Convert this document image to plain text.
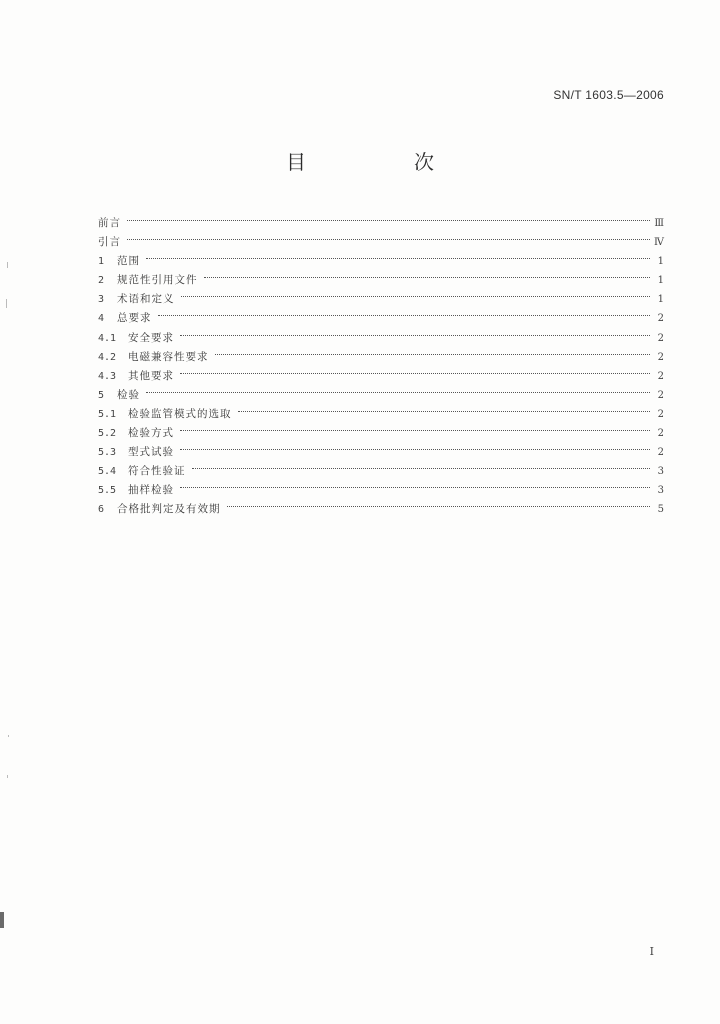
SN/T 1603.5—2006
目　次
前言	Ⅲ
引言	Ⅳ
1	范围	1
2	规范性引用文件	1
3	术语和定义	1
4	总要求	2
4.1	安全要求	2
4.2	电磁兼容性要求	2
4.3	其他要求	2
5	检验	2
5.1	检验监管模式的选取	2
5.2	检验方式	2
5.3	型式试验	2
5.4	符合性验证	3
5.5	抽样检验	3
6	合格批判定及有效期	5
I
